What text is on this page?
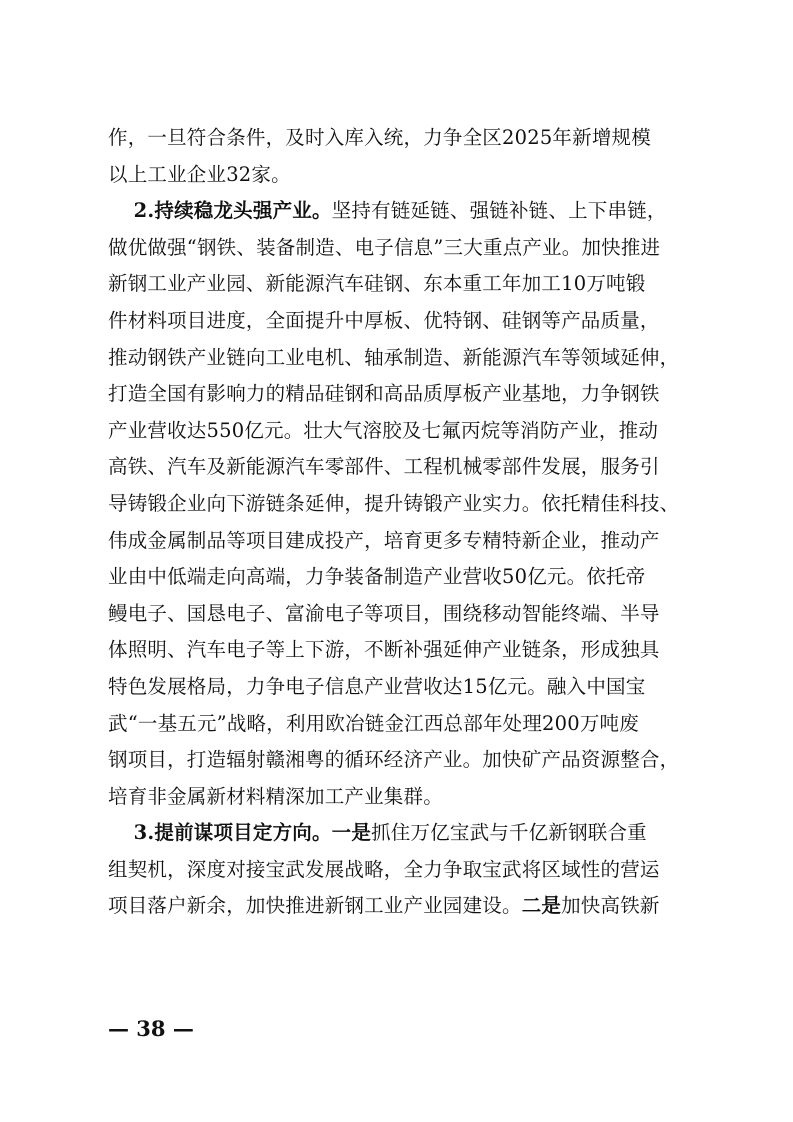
作，一旦符合条件，及时入库入统，力争全区2025年新增规模
以上工业企业32家。
2.持续稳龙头强产业。坚持有链延链、强链补链、上下串链，
做优做强“钢铁、装备制造、电子信息”三大重点产业。加快推进
新钢工业产业园、新能源汽车硅钢、东本重工年加工10万吨锻
件材料项目进度，全面提升中厚板、优特钢、硅钢等产品质量，
推动钢铁产业链向工业电机、轴承制造、新能源汽车等领域延伸，
打造全国有影响力的精品硅钢和高品质厚板产业基地，力争钢铁
产业营收达550亿元。壮大气溶胶及七氟丙烷等消防产业，推动
高铁、汽车及新能源汽车零部件、工程机械零部件发展，服务引
导铸锻企业向下游链条延伸，提升铸锻产业实力。依托精佳科技、
伟成金属制品等项目建成投产，培育更多专精特新企业，推动产
业由中低端走向高端，力争装备制造产业营收50亿元。依托帝
鳗电子、国恳电子、富渝电子等项目，围绕移动智能终端、半导
体照明、汽车电子等上下游，不断补强延伸产业链条，形成独具
特色发展格局，力争电子信息产业营收达15亿元。融入中国宝
武“一基五元”战略，利用欧冶链金江西总部年处理200万吨废
钢项目，打造辐射赣湘粤的循环经济产业。加快矿产品资源整合，
培育非金属新材料精深加工产业集群。
3.提前谋项目定方向。一是抓住万亿宝武与千亿新钢联合重
组契机，深度对接宝武发展战略，全力争取宝武将区域性的营运
项目落户新余，加快推进新钢工业产业园建设。二是加快高铁新
— 38 —
